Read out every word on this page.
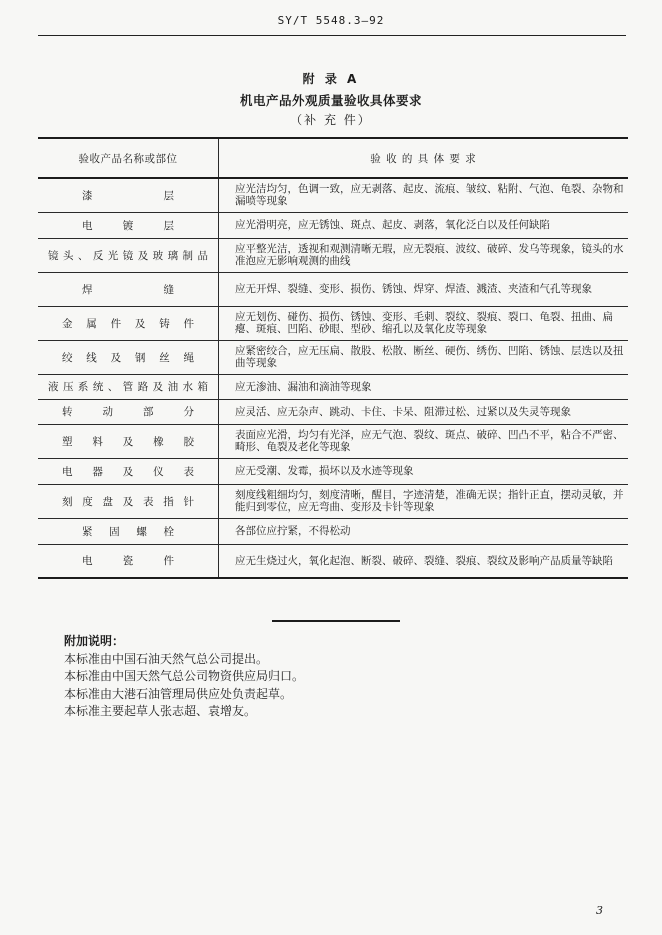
SY/T 5548.3—92
附 录 A
机电产品外观质量验收具体要求
（补 充 件）
验收产品名称或部位	验 收 的 具 体 要 求

漆层	应光洁均匀，色调一致，应无剥落、起皮、流痕、皱纹、粘附、气泡、龟裂、杂物和漏喷等现象

电镀层	应光滑明亮，应无锈蚀、斑点、起皮、剥落，氧化泛白以及任何缺陷

镜头、反光镜及玻璃制品	应平整光洁，透视和观测清晰无瑕，应无裂痕、波纹、破碎、发乌等现象，镜头的水准泡应无影响观测的曲线

焊缝	应无开焊、裂缝、变形、损伤、锈蚀、焊穿、焊渣、溅渣、夹渣和气孔等现象

金属件及铸件	应无划伤、碰伤、损伤、锈蚀、变形、毛刺、裂纹、裂痕、裂口、龟裂、扭曲、扁瘪、斑痕、凹陷、砂眼、型砂、缩孔以及氧化皮等现象

绞线及钢丝绳	应紧密绞合，应无压扁、散股、松散、断丝、硬伤、绣伤、凹陷、锈蚀、层迭以及扭曲等现象

液压系统、管路及油水箱	应无渗油、漏油和滴油等现象

转动部分	应灵活、应无杂声、跳动、卡住、卡呆、阻滞过松、过紧以及失灵等现象

塑料及橡胶	表面应光滑，均匀有光泽，应无气泡、裂纹、斑点、破碎、凹凸不平，粘合不严密、畸形、龟裂及老化等现象

电器及仪表	应无受潮、发霉，损坏以及水迹等现象

刻度盘及表指针	刻度线粗细均匀，刻度清晰，醒目，字迹清楚，准确无误；指针正直，摆动灵敏，并能归到零位，应无弯曲、变形及卡针等现象

紧固螺栓	各部位应拧紧，不得松动

电瓷件	应无生烧过火，氧化起泡、断裂、破碎、裂缝、裂痕、裂纹及影响产品质量等缺陷
附加说明：
本标准由中国石油天然气总公司提出。
本标准由中国天然气总公司物资供应局归口。
本标准由大港石油管理局供应处负责起草。
本标准主要起草人张志超、袁增友。
3
